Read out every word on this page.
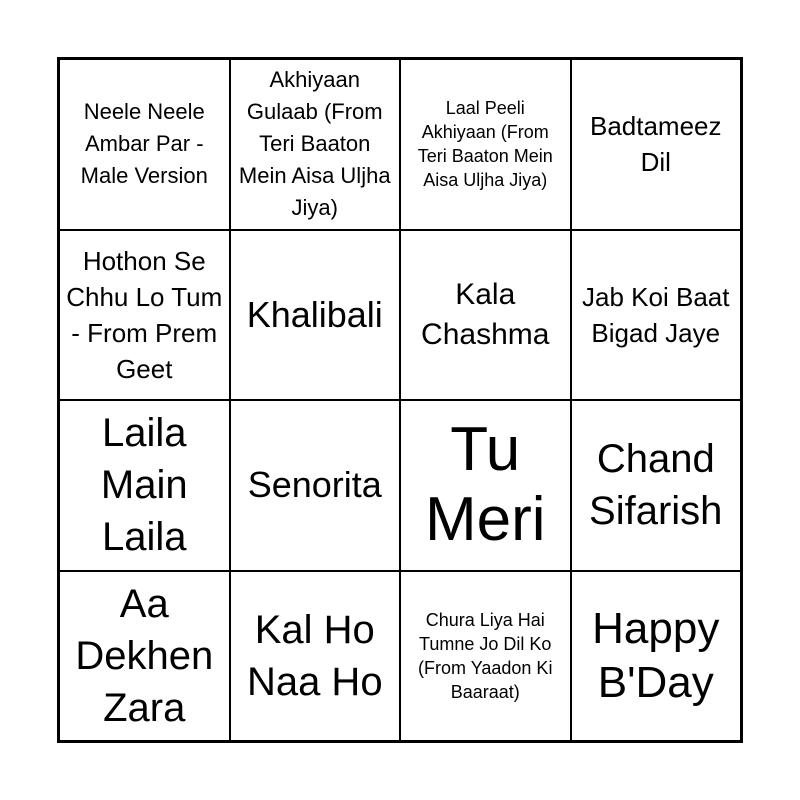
Neele Neele Ambar Par - Male Version
Akhiyaan Gulaab (From Teri Baaton Mein Aisa Uljha Jiya)
Laal Peeli Akhiyaan (From Teri Baaton Mein Aisa Uljha Jiya)
Badtameez Dil
Hothon Se Chhu Lo Tum - From Prem Geet
Khalibali	Kala Chashma
Jab Koi Baat Bigad Jaye
Laila Main Laila
Senorita
Tu Meri
Chand Sifarish
Aa Dekhen Zara
Kal Ho Naa Ho
Chura Liya Hai Tumne Jo Dil Ko (From Yaadon Ki Baaraat)
Happy B'Day
